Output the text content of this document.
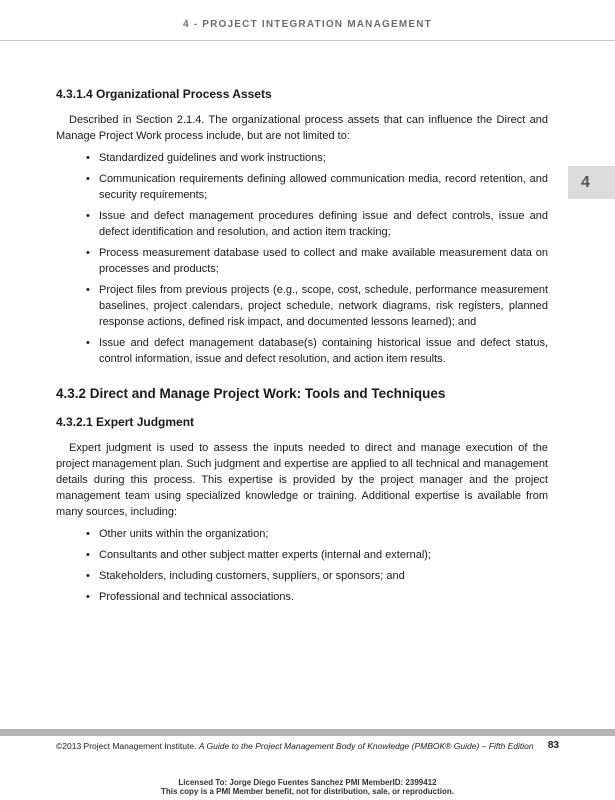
4 - PROJECT INTEGRATION MANAGEMENT
4
4.3.1.4 Organizational Process Assets

Described in Section 2.1.4. The organizational process assets that can influence the Direct and Manage Project Work process include, but are not limited to:

• Standardized guidelines and work instructions;
• Communication requirements defining allowed communication media, record retention, and security requirements;
• Issue and defect management procedures defining issue and defect controls, issue and defect identification and resolution, and action item tracking;
• Process measurement database used to collect and make available measurement data on processes and products;
• Project files from previous projects (e.g., scope, cost, schedule, performance measurement baselines, project calendars, project schedule, network diagrams, risk registers, planned response actions, defined risk impact, and documented lessons learned); and
• Issue and defect management database(s) containing historical issue and defect status, control information, issue and defect resolution, and action item results.
4.3.2 Direct and Manage Project Work: Tools and Techniques
4.3.2.1 Expert Judgment

Expert judgment is used to assess the inputs needed to direct and manage execution of the project management plan. Such judgment and expertise are applied to all technical and management details during this process. This expertise is provided by the project manager and the project management team using specialized knowledge or training. Additional expertise is available from many sources, including:

• Other units within the organization;
• Consultants and other subject matter experts (internal and external);
• Stakeholders, including customers, suppliers, or sponsors; and
• Professional and technical associations.
©2013 Project Management Institute. A Guide to the Project Management Body of Knowledge (PMBOK® Guide) – Fifth Edition 83
Licensed To: Jorge Diego Fuentes Sanchez PMI MemberID: 2399412
This copy is a PMI Member benefit, not for distribution, sale, or reproduction.
